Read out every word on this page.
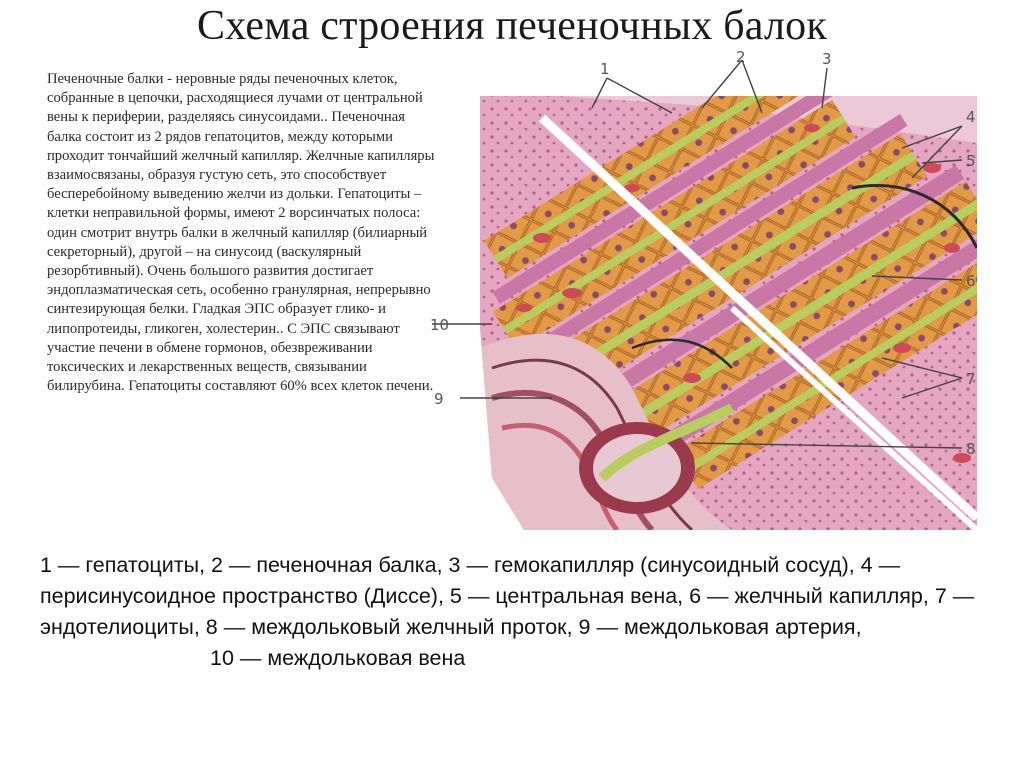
Схема строения печеночных балок
Печеночные балки - неровные ряды печеночных клеток, собранные в цепочки, расходящиеся лучами от центральной вены к периферии, разделяясь синусоидами.. Печеночная балка состоит из 2 рядов гепатоцитов, между которыми проходит тончайший желчный капилляр. Желчные капилляры взаимосвязаны, образуя густую сеть, это способствует бесперебойному выведению желчи из дольки. Гепатоциты – клетки неправильной формы, имеют 2 ворсинчатых полоса: один смотрит внутрь балки в желчный капилляр (билиарный секреторный), другой – на синусоид (васкулярный резорбтивный). Очень большого развития достигает эндоплазматическая сеть, особенно гранулярная, непрерывно синтезирующая белки. Гладкая ЭПС образует глико- и липопротеиды, гликоген, холестерин.. С ЭПС связывают участие печени в обмене гормонов, обезвреживании токсических и лекарственных веществ, связывании билирубина. Гепатоциты составляют 60% всех клеток печени.
1
2	3
4
5
6
7
8
9
10
1 — гепатоциты, 2 — печеночная балка, 3 — гемокапилляр (синусоидный сосуд), 4 — перисинусоидное пространство (Диссе), 5 — центральная вена, 6 — желчный капилляр, 7 — эндотелиоциты, 8 — междольковый желчный проток, 9 — междольковая артерия,10 — междольковая вена
